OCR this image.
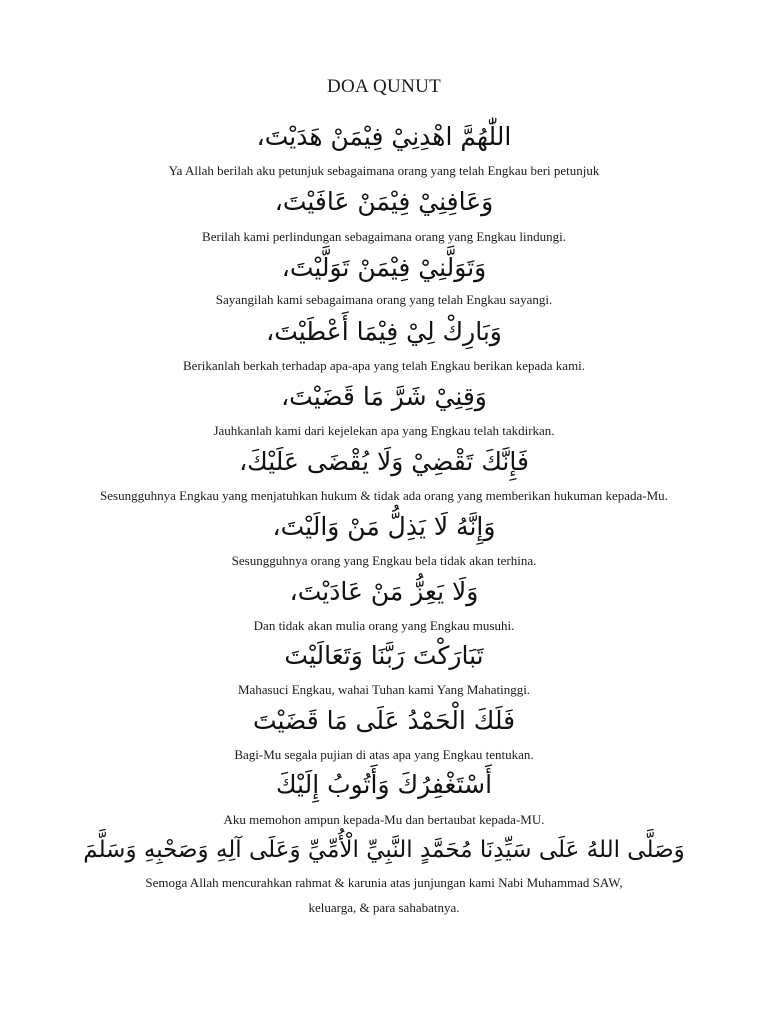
DOA QUNUT
اللّٰهُمَّ اهْدِنِيْ فِيْمَنْ هَدَيْتَ،
Ya Allah berilah aku petunjuk sebagaimana orang yang telah Engkau beri petunjuk
وَعَافِنِيْ فِيْمَنْ عَافَيْتَ،
Berilah kami perlindungan sebagaimana orang yang Engkau lindungi.
وَتَوَلَّنِيْ فِيْمَنْ تَوَلَّيْتَ،
Sayangilah kami sebagaimana orang yang telah Engkau sayangi.
وَبَارِكْ لِيْ فِيْمَا أَعْطَيْتَ،
Berikanlah berkah terhadap apa-apa yang telah Engkau berikan kepada kami.
وَقِنِيْ شَرَّ مَا قَضَيْتَ،
Jauhkanlah kami dari kejelekan apa yang Engkau telah takdirkan.
فَإِنَّكَ تَقْضِيْ وَلَا يُقْضَى عَلَيْكَ،
Sesungguhnya Engkau yang menjatuhkan hukum & tidak ada orang yang memberikan hukuman kepada-Mu.
وَإِنَّهُ لَا يَذِلُّ مَنْ وَالَيْتَ،
Sesungguhnya orang yang Engkau bela tidak akan terhina.
وَلَا يَعِزُّ مَنْ عَادَيْتَ،
Dan tidak akan mulia orang yang Engkau musuhi.
تَبَارَكْتَ رَبَّنَا وَتَعَالَيْتَ
Mahasuci Engkau, wahai Tuhan kami Yang Mahatinggi.
فَلَكَ الْحَمْدُ عَلَى مَا قَضَيْتَ
Bagi-Mu segala pujian di atas apa yang Engkau tentukan.
أَسْتَغْفِرُكَ وَأَتُوبُ إِلَيْكَ
Aku memohon ampun kepada-Mu dan bertaubat kepada-MU.
وَصَلَّى اللهُ عَلَى سَيِّدِنَا مُحَمَّدٍ النَّبِيِّ الْأُمِّيِّ وَعَلَى آلِهِ وَصَحْبِهِ وَسَلَّمَ
Semoga Allah mencurahkan rahmat & karunia atas junjungan kami Nabi Muhammad SAW,
keluarga, & para sahabatnya.
